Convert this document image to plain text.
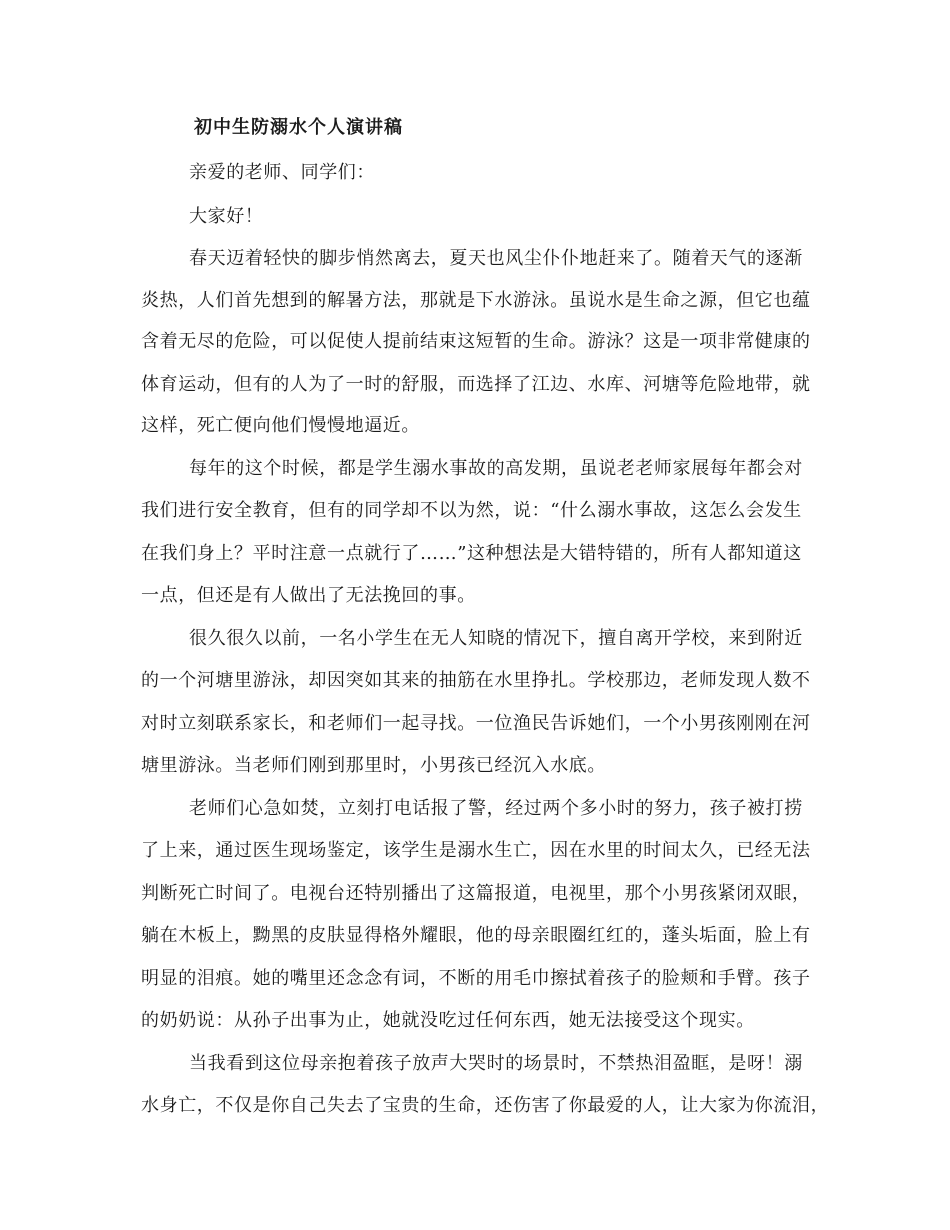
初中生防溺水个人演讲稿
亲爱的老师、同学们：
大家好！
春天迈着轻快的脚步悄然离去，夏天也风尘仆仆地赶来了。随着天气的逐渐
炎热，人们首先想到的解暑方法，那就是下水游泳。虽说水是生命之源，但它也蕴
含着无尽的危险，可以促使人提前结束这短暂的生命。游泳？这是一项非常健康的
体育运动，但有的人为了一时的舒服，而选择了江边、水库、河塘等危险地带，就
这样，死亡便向他们慢慢地逼近。
每年的这个时候，都是学生溺水事故的高发期，虽说老老师家展每年都会对
我们进行安全教育，但有的同学却不以为然，说：“什么溺水事故，这怎么会发生
在我们身上？平时注意一点就行了……”这种想法是大错特错的，所有人都知道这
一点，但还是有人做出了无法挽回的事。
很久很久以前，一名小学生在无人知晓的情况下，擅自离开学校，来到附近
的一个河塘里游泳，却因突如其来的抽筋在水里挣扎。学校那边，老师发现人数不
对时立刻联系家长，和老师们一起寻找。一位渔民告诉她们，一个小男孩刚刚在河
塘里游泳。当老师们刚到那里时，小男孩已经沉入水底。
老师们心急如焚，立刻打电话报了警，经过两个多小时的努力，孩子被打捞
了上来，通过医生现场鉴定，该学生是溺水生亡，因在水里的时间太久，已经无法
判断死亡时间了。电视台还特别播出了这篇报道，电视里，那个小男孩紧闭双眼，
躺在木板上，黝黑的皮肤显得格外耀眼，他的母亲眼圈红红的，蓬头垢面，脸上有
明显的泪痕。她的嘴里还念念有词，不断的用毛巾擦拭着孩子的脸颊和手臂。孩子
的奶奶说：从孙子出事为止，她就没吃过任何东西，她无法接受这个现实。
当我看到这位母亲抱着孩子放声大哭时的场景时，不禁热泪盈眶，是呀！溺
水身亡，不仅是你自己失去了宝贵的生命，还伤害了你最爱的人，让大家为你流泪，
